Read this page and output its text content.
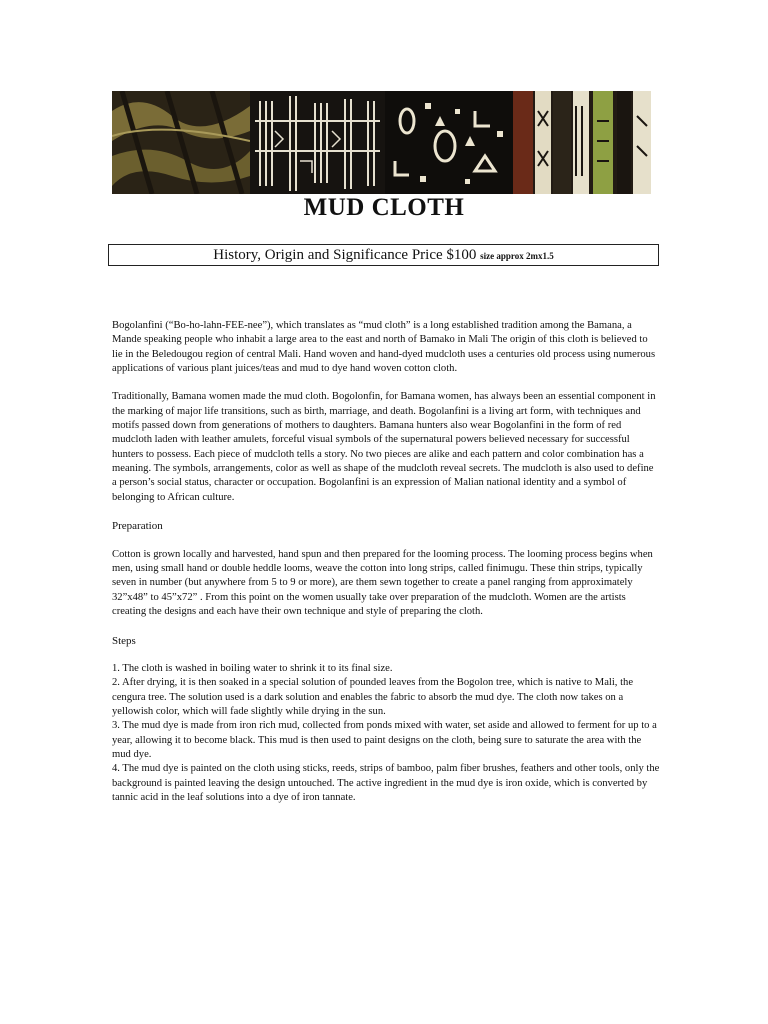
MUD CLOTH
History, Origin and Significance Price $100 size approx 2mx1.5

Bogolanfini (“Bo-ho-lahn-FEE-nee”), which translates as “mud cloth” is a long established tradition among the Bamana, a Mande speaking people who inhabit a large area to the east and north of Bamako in Mali The origin of this cloth is believed to lie in the Beledougou region of central Mali. Hand woven and hand-dyed mudcloth uses a centuries old process using numerous applications of various plant juices/teas and mud to dye hand woven cotton cloth.

Traditionally, Bamana women made the mud cloth. Bogolonfin, for Bamana women, has always been an essential component in the marking of major life transitions, such as birth, marriage, and death. Bogolanfini is a living art form, with techniques and motifs passed down from generations of mothers to daughters. Bamana hunters also wear Bogolanfini in the form of red mudcloth laden with leather amulets, forceful visual symbols of the supernatural powers believed necessary for successful hunters to possess. Each piece of mudcloth tells a story. No two pieces are alike and each pattern and color combination has a meaning. The symbols, arrangements, color as well as shape of the mudcloth reveal secrets. The mudcloth is also used to define a person’s social status, character or occupation. Bogolanfini is an expression of Malian national identity and a symbol of belonging to African culture.

Preparation

Cotton is grown locally and harvested, hand spun and then prepared for the looming process. The looming process begins when men, using small hand or double heddle looms, weave the cotton into long strips, called finimugu. These thin strips, typically seven in number (but anywhere from 5 to 9 or more), are them sewn together to create a panel ranging from approximately 32”x48” to 45”x72” . From this point on the women usually take over preparation of the mudcloth. Women are the artists creating the designs and each have their own technique and style of preparing the cloth.

Steps

1. The cloth is washed in boiling water to shrink it to its final size.

2. After drying, it is then soaked in a special solution of pounded leaves from the Bogolon tree, which is native to Mali, the cengura tree. The solution used is a dark solution and enables the fabric to absorb the mud dye. The cloth now takes on a yellowish color, which will fade slightly while drying in the sun.

3. The mud dye is made from iron rich mud, collected from ponds mixed with water, set aside and allowed to ferment for up to a year, allowing it to become black. This mud is then used to paint designs on the cloth, being sure to saturate the area with the mud dye.

4. The mud dye is painted on the cloth using sticks, reeds, strips of bamboo, palm fiber brushes, feathers and other tools, only the background is painted leaving the design untouched. The active ingredient in the mud dye is iron oxide, which is converted by tannic acid in the leaf solutions into a dye of iron tannate.
